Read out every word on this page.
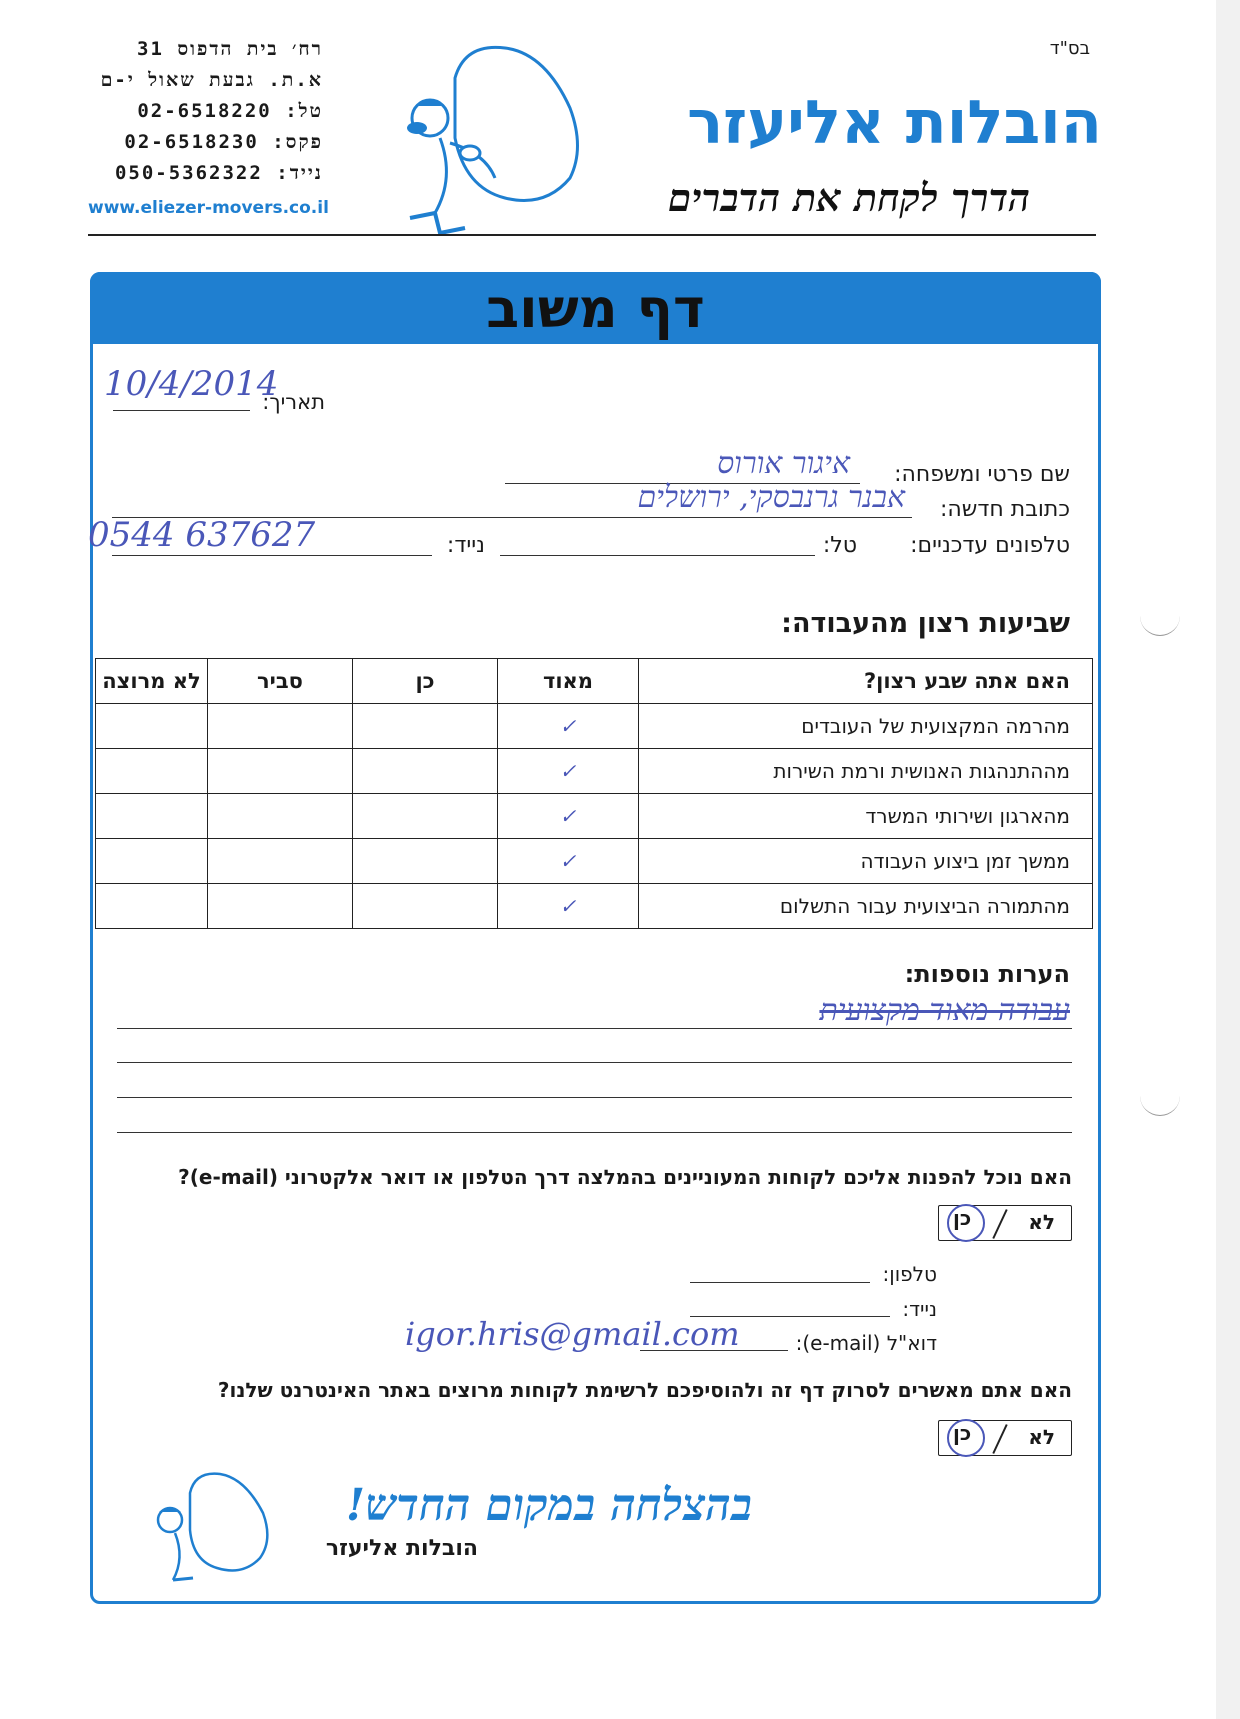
בס"ד
רח׳ בית הדפוס 31
א.ת. גבעת שאול י-ם
טל: 02-6518220
פקס: 02-6518230
נייד: 050-5362322
www.eliezer-movers.co.il
הובלות אליעזר
הדרך לקחת את הדברים
דף משוב
תאריך:
10/4/2014
שם פרטי ומשפחה:
איגור אורוס
כתובת חדשה:
אבנר גרנבסקי, ירושלים
טלפונים עדכניים:
טל:
נייד:
0544 637627
שביעות רצון מהעבודה:
האם אתה שבע רצון?	מאוד	כן	סביר	לא מרוצה
מהרמה המקצועית של העובדים	✓			
מההתנהגות האנושית ורמת השירות	✓			
מהארגון ושירותי המשרד	✓			
ממשך זמן ביצוע העבודה	✓			
מהתמורה הביצועית עבור התשלום	✓			
הערות נוספות:
עבודה מאוד מקצועית
האם נוכל להפנות אליכם לקוחות המעוניינים בהמלצה דרך הטלפון או דואר אלקטרוני (e-mail)?
לא
כן
טלפון:
נייד:
דוא"ל (e-mail):
igor.hris@gmail.com
האם אתם מאשרים לסרוק דף זה ולהוסיפכם לרשימת לקוחות מרוצים באתר האינטרנט שלנו?
לא
כן
בהצלחה במקום החדש!
הובלות אליעזר
